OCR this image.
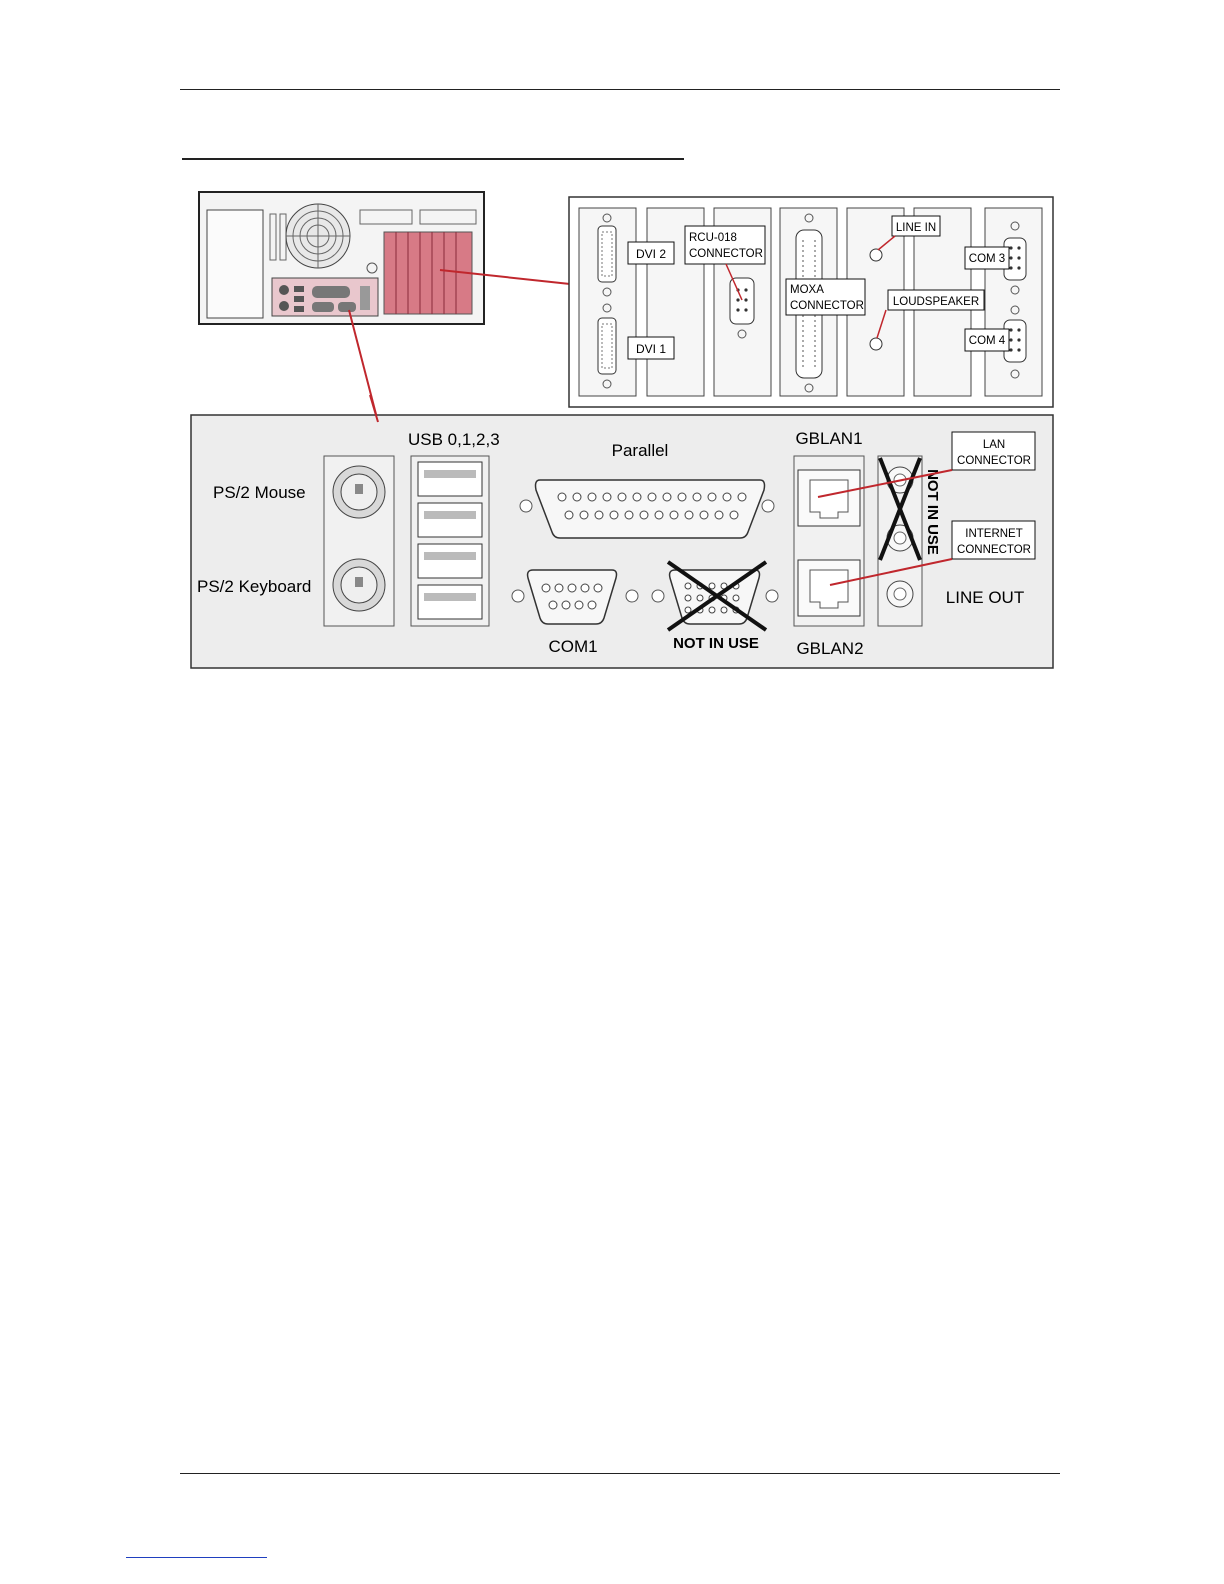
DVI 2
DVI 1
RCU-018
CONNECTOR
MOXA
CONNECTOR
LINE IN
LOUDSPEAKER
COM 3
COM 4
PS/2 Mouse
PS/2 Keyboard
USB 0,1,2,3
Parallel
COM1	NOT IN USE
GBLAN1
GBLAN2
NOT IN USE
LINE OUT
LAN
CONNECTOR
INTERNET
CONNECTOR
